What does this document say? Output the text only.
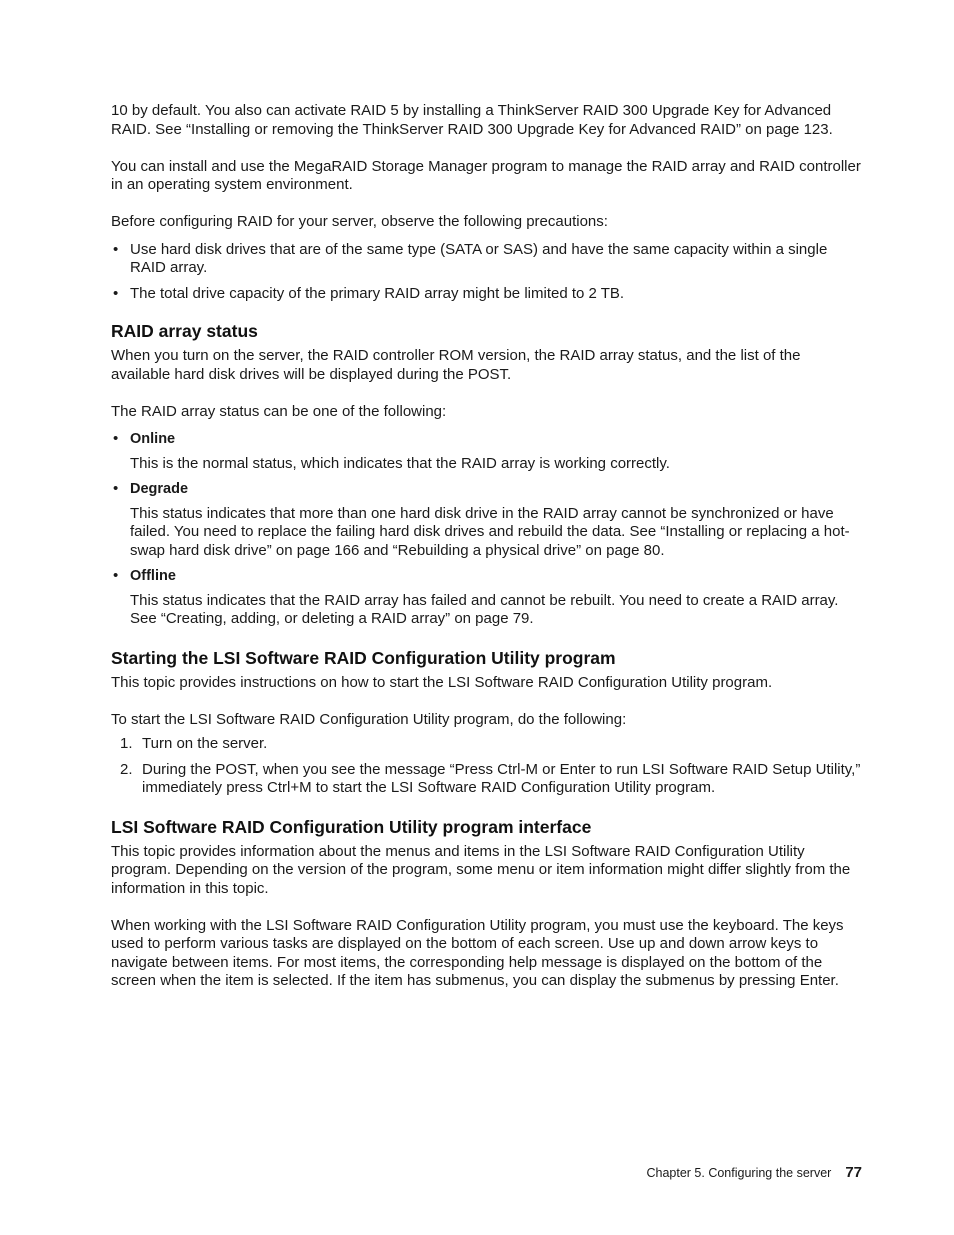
10 by default. You also can activate RAID 5 by installing a ThinkServer RAID 300 Upgrade Key for Advanced RAID. See “Installing or removing the ThinkServer RAID 300 Upgrade Key for Advanced RAID” on page 123.

You can install and use the MegaRAID Storage Manager program to manage the RAID array and RAID controller in an operating system environment.

Before configuring RAID for your server, observe the following precautions:

• Use hard disk drives that are of the same type (SATA or SAS) and have the same capacity within a single RAID array.
• The total drive capacity of the primary RAID array might be limited to 2 TB.
RAID array status

When you turn on the server, the RAID controller ROM version, the RAID array status, and the list of the available hard disk drives will be displayed during the POST.

The RAID array status can be one of the following:

• Online
This is the normal status, which indicates that the RAID array is working correctly.
• Degrade
This status indicates that more than one hard disk drive in the RAID array cannot be synchronized or have failed. You need to replace the failing hard disk drives and rebuild the data. See “Installing or replacing a hot-swap hard disk drive” on page 166 and “Rebuilding a physical drive” on page 80.
• Offline
This status indicates that the RAID array has failed and cannot be rebuilt. You need to create a RAID array. See “Creating, adding, or deleting a RAID array” on page 79.
Starting the LSI Software RAID Configuration Utility program

This topic provides instructions on how to start the LSI Software RAID Configuration Utility program.

To start the LSI Software RAID Configuration Utility program, do the following:

1. Turn on the server.
2. During the POST, when you see the message “Press Ctrl-M or Enter to run LSI Software RAID Setup Utility,” immediately press Ctrl+M to start the LSI Software RAID Configuration Utility program.
LSI Software RAID Configuration Utility program interface

This topic provides information about the menus and items in the LSI Software RAID Configuration Utility program. Depending on the version of the program, some menu or item information might differ slightly from the information in this topic.

When working with the LSI Software RAID Configuration Utility program, you must use the keyboard. The keys used to perform various tasks are displayed on the bottom of each screen. Use up and down arrow keys to navigate between items. For most items, the corresponding help message is displayed on the bottom of the screen when the item is selected. If the item has submenus, you can display the submenus by pressing Enter.

Chapter 5. Configuring the server 77
